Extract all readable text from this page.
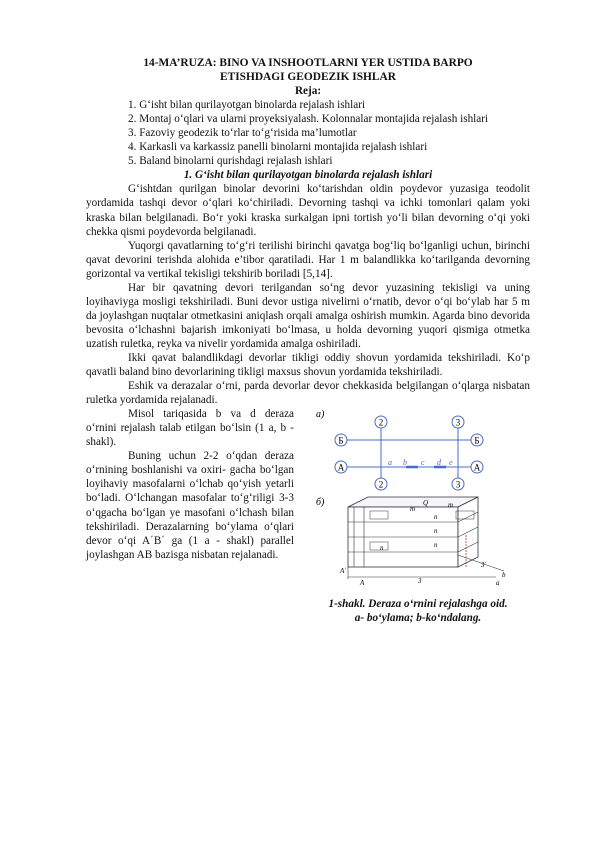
14-MA’RUZA: BINO VA INSHOOTLARNI YER USTIDA BARPO
ETISHDAGI GEODEZIK ISHLAR
Reja:
1. G‘isht bilan qurilayotgan binolarda rejalash ishlari
2. Montaj o‘qlari va ularni proyeksiyalash. Kolonnalar montajida rejalash ishlari
3. Fazoviy geodezik to‘rlar to‘g‘risida ma’lumotlar
4. Karkasli va karkassiz panelli binolarni montajida rejalash ishlari
5. Baland binolarni qurishdagi rejalash ishlari
1. G‘isht bilan qurilayotgan binolarda rejalash ishlari

G‘ishtdan qurilgan binolar devorini ko‘tarishdan oldin poydevor yuzasiga teodolit yordamida tashqi devor o‘qlari ko‘chiriladi. Devorning tashqi va ichki tomonlari qalam yoki kraska bilan belgilanadi. Bo‘r yoki kraska surkalgan ipni tortish yo‘li bilan devorning o‘qi yoki chekka qismi poydevorda belgilanadi.

Yuqorgi qavatlarning to‘g‘ri terilishi birinchi qavatga bog‘liq bo‘lganligi uchun, birinchi qavat devorini terishda alohida e’tibor qaratiladi. Har 1 m balandlikka ko‘tarilganda devorning gorizontal va vertikal tekisligi tekshirib boriladi [5,14].

Har bir qavatning devori terilgandan so‘ng devor yuzasining tekisligi va uning loyihaviyga mosligi tekshiriladi. Buni devor ustiga nivelirni o‘rnatib, devor o‘qi bo‘ylab har 5 m da joylashgan nuqtalar otmetkasini aniqlash orqali amalga oshirish mumkin. Agarda bino devorida bevosita o‘lchashni bajarish imkoniyati bo‘lmasa, u holda devorning yuqori qismiga otmetka uzatish ruletka, reyka va nivelir yordamida amalga oshiriladi.

Ikki qavat balandlikdagi devorlar tikligi oddiy shovun yordamida tekshiriladi. Ko‘p qavatli baland bino devorlarining tikligi maxsus shovun yordamida tekshiriladi.

Eshik va derazalar o‘rni, parda devorlar devor chekkasida belgilangan o‘qlarga nisbatan ruletka yordamida rejalanadi.

Misol tariqasida b va d deraza o‘rnini rejalash talab etilgan bo‘lsin (1 a, b - shakl).

Buning uchun 2-2 o‘qdan deraza o‘rnining boshlanishi va oxiri- gacha bo‘lgan loyihaviy masofalarni o‘lchab qo‘yish yetarli bo‘ladi. O‘lchangan masofalar to‘g‘riligi 3-3 o‘qgacha bo‘lgan ye masofani o‘lchash bilan tekshiriladi. Derazalarning bo‘ylama o‘qlari devor o‘qi A΄B΄ ga (1 a - shakl) parallel joylashgan AB bazisga nisbatan rejalanadi.

a)
Б	Б
А	А
2	3
2	3
a b c d e
б)	m
m
Q
n
n
n
n
A΄
А	3
3΄
b
a
1-shakl. Deraza o‘rnini rejalashga oid.
a- bo‘ylama; b-ko‘ndalang.
